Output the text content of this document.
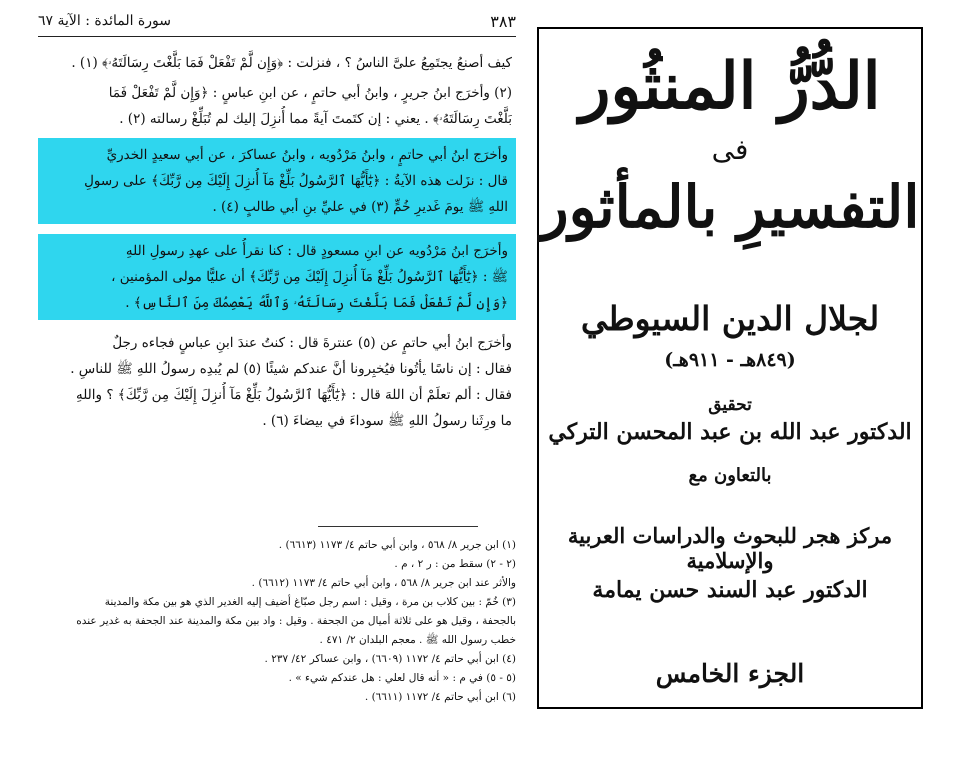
٣٨٣
سورة المائدة : الآية ٦٧
كيف أصنعُ يجتَمِعُ علىَّ الناسُ ؟ ، فنزلت : ﴿وَإِن لَّمْ تَفْعَلْ فَمَا بَلَّغْتَ رِسَالَتَهُۥ﴾ (١) .
(٢) وأخرَج ابنُ جريرٍ ، وابنُ أبي حاتمٍ ، عن ابنِ عباسٍ : ﴿وَإِن لَّمْ تَفْعَلْ فَمَا
بَلَّغْتَ رِسَالَتَهُۥ﴾ . يعني : إن كتَمتَ آيةً مما أُنزِلَ إليك لم تُبَلِّغْ رسالته (٢) .
وأخرَج ابنُ أبي حاتمٍ ، وابنُ مَرْدُويه ، وابنُ عساكرَ ، عن أبي سعيدٍ الخدريِّ
قال : نزَلت هذه الآيةُ : ﴿يَٰٓأَيُّهَا ٱلرَّسُولُ بَلِّغْ مَآ أُنزِلَ إِلَيْكَ مِن رَّبِّكَ﴾ على رسولِ
اللهِ ﷺ يومَ غَديرِ خُمٍّ (٣) في عليِّ بنِ أبي طالبٍ (٤) .
وأخرَج ابنُ مَرْدُويه عن ابنِ مسعودٍ قال : كنا نقرأُ على عهدِ رسولِ اللهِ
ﷺ : ﴿يَٰٓأَيُّهَا ٱلرَّسُولُ بَلِّغْ مَآ أُنزِلَ إِلَيْكَ مِن رَّبِّكَ﴾ أن عليًّا مولى المؤمنين ،
﴿وَإِن لَّمْ تَفْعَلْ فَمَا بَلَّغْتَ رِسَالَتَهُۥ وَٱللَّهُ يَعْصِمُكَ مِنَ ٱلنَّاسِ﴾ .
وأخرَج ابنُ أبي حاتمٍ عن (٥) عنترةَ قال : كنتُ عندَ ابنِ عباسٍ فجاءه رجلٌ
فقال : إن ناسًا يأتُونا فيُخبِرونا أنَّ عندكم شيئًا (٥) لم يُبدِه رسولُ اللهِ ﷺ للناسِ .
فقال : ألم تعلَمْ أن اللهَ قال : ﴿يَٰٓأَيُّهَا ٱلرَّسُولُ بَلِّغْ مَآ أُنزِلَ إِلَيْكَ مِن رَّبِّكَ﴾ ؟ واللهِ
ما ورِثَنا رسولُ اللهِ ﷺ سوداءَ في بيضاءَ (٦) .
(١) ابن جرير ٨/ ٥٦٨ ، وابن أبي حاتم ٤/ ١١٧٣ (٦٦١٣) .
(٢ - ٢) سقط من : ر ٢ ، م .
والأثر عند ابن جرير ٨/ ٥٦٨ ، وابن أبي حاتم ٤/ ١١٧٣ (٦٦١٢) .
(٣) خُمّ : بين كلاب بن مرة ، وقيل : اسم رجل صبّاغ أضيف إليه الغدير الذي هو بين مكة والمدينة
بالجحفة ، وقيل هو على ثلاثة أميال من الجحفة . وقيل : واد بين مكة والمدينة عند الجحفة به غدير عنده
خطب رسول الله ﷺ . معجم البلدان ٢/ ٤٧١ .
(٤) ابن أبي حاتم ٤/ ١١٧٢ (٦٦٠٩) ، وابن عساكر ٤٢/ ٢٣٧ .
(٥ - ٥) في م : « أنه قال لعلي : هل عندكم شيء » .
(٦) ابن أبي حاتم ٤/ ١١٧٢ (٦٦١١) .
الدُّرُّ المنثُور
فى
التفسيرِ بالمأثور
لجلال الدين السيوطي
(٨٤٩هـ - ٩١١هـ)
تحقيق
الدكتور عبد الله بن عبد المحسن التركي
بالتعاون مع
مركز هجر للبحوث والدراسات العربية والإسلامية
الدكتور عبد السند حسن يمامة
الجزء الخامس
